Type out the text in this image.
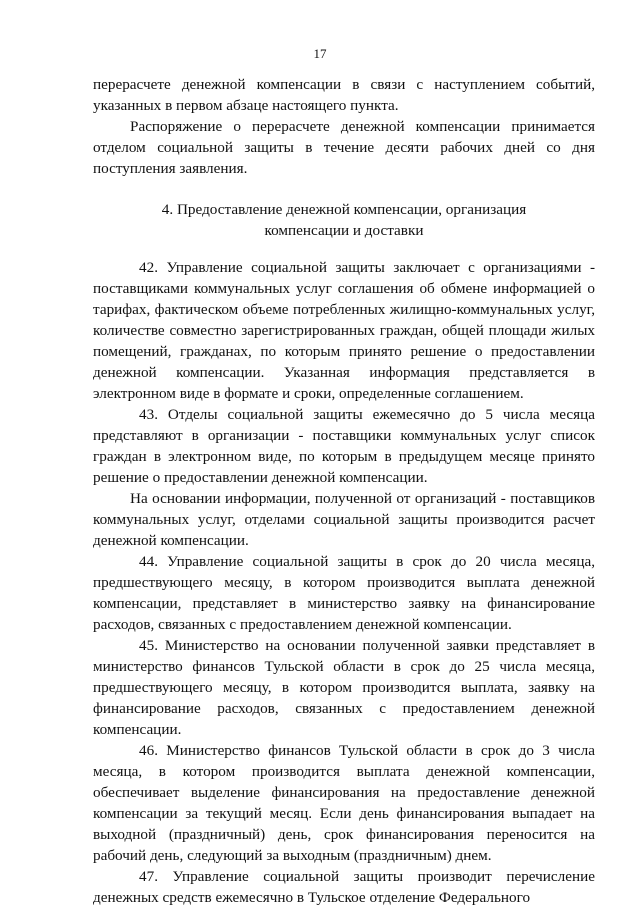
17

перерасчете денежной компенсации в связи с наступлением событий, указанных в первом абзаце настоящего пункта.

Распоряжение о перерасчете денежной компенсации принимается отделом социальной защиты в течение десяти рабочих дней со дня поступления заявления.

4. Предоставление денежной компенсации, организация
компенсации и доставки

42. Управление социальной защиты заключает с организациями - поставщиками коммунальных услуг соглашения об обмене информацией о тарифах, фактическом объеме потребленных жилищно-коммунальных услуг, количестве совместно зарегистрированных граждан, общей площади жилых помещений, гражданах, по которым принято решение о предоставлении денежной компенсации. Указанная информация представляется в электронном виде в формате и сроки, определенные соглашением.

43. Отделы социальной защиты ежемесячно до 5 числа месяца представляют в организации - поставщики коммунальных услуг список граждан в электронном виде, по которым в предыдущем месяце принято решение о предоставлении денежной компенсации.

На основании информации, полученной от организаций - поставщиков коммунальных услуг, отделами социальной защиты производится расчет денежной компенсации.

44. Управление социальной защиты в срок до 20 числа месяца, предшествующего месяцу, в котором производится выплата денежной компенсации, представляет в министерство заявку на финансирование расходов, связанных с предоставлением денежной компенсации.

45. Министерство на основании полученной заявки представляет в министерство финансов Тульской области в срок до 25 числа месяца, предшествующего месяцу, в котором производится выплата, заявку на финансирование расходов, связанных с предоставлением денежной компенсации.

46. Министерство финансов Тульской области в срок до 3 числа месяца, в котором производится выплата денежной компенсации, обеспечивает выделение финансирования на предоставление денежной компенсации за текущий месяц. Если день финансирования выпадает на выходной (праздничный) день, срок финансирования переносится на рабочий день, следующий за выходным (праздничным) днем.

47. Управление социальной защиты производит перечисление денежных средств ежемесячно в Тульское отделение Федерального
